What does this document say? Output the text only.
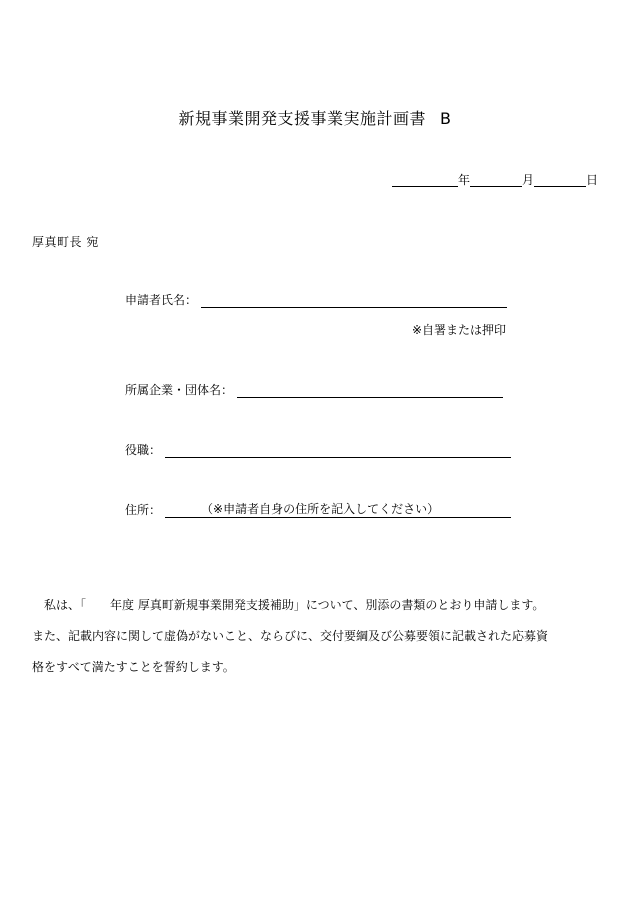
新規事業開発支援事業実施計画書 B
年	月	日
厚真町長 宛
申請者氏名：
※自署または押印
所属企業・団体名：
役職：
住所：	（※申請者自身の住所を記入してください）
私は、「　　年度 厚真町新規事業開発支援補助」について、別添の書類のとおり申請します。
また、記載内容に関して虚偽がないこと、ならびに、交付要綱及び公募要領に記載された応募資
格をすべて満たすことを誓約します。
